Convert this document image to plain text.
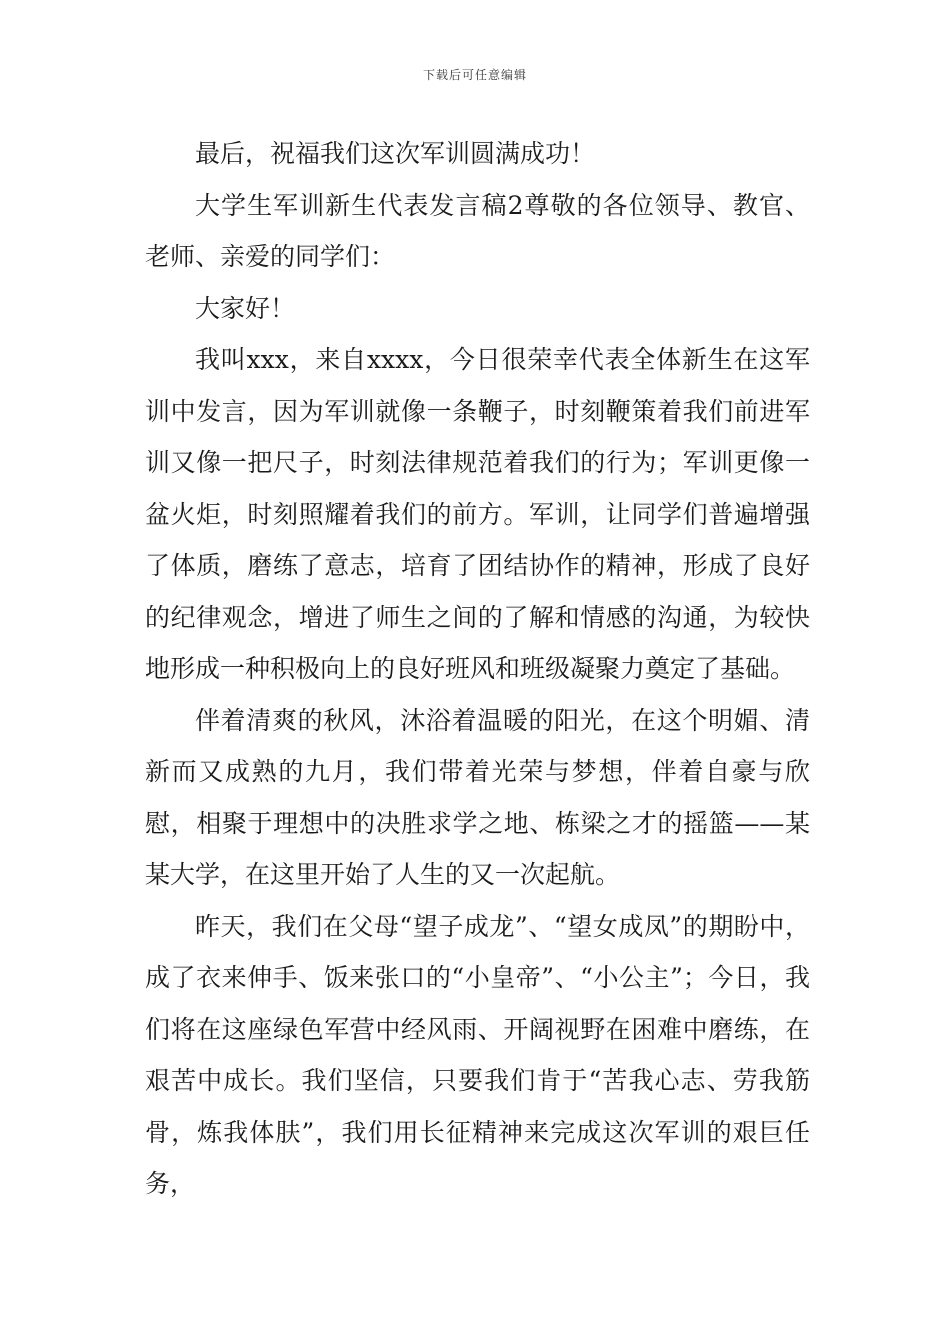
下载后可任意编辑

最后，祝福我们这次军训圆满成功！

大学生军训新生代表发言稿2尊敬的各位领导、教官、老师、亲爱的同学们：

大家好！

我叫xxx，来自xxxx，今日很荣幸代表全体新生在这军训中发言，因为军训就像一条鞭子，时刻鞭策着我们前进军训又像一把尺子，时刻法律规范着我们的行为；军训更像一盆火炬，时刻照耀着我们的前方。军训，让同学们普遍增强了体质，磨练了意志，培育了团结协作的精神，形成了良好的纪律观念，增进了师生之间的了解和情感的沟通，为较快地形成一种积极向上的良好班风和班级凝聚力奠定了基础。

伴着清爽的秋风，沐浴着温暖的阳光，在这个明媚、清新而又成熟的九月，我们带着光荣与梦想，伴着自豪与欣慰，相聚于理想中的决胜求学之地、栋梁之才的摇篮——某某大学，在这里开始了人生的又一次起航。

昨天，我们在父母“望子成龙”、“望女成凤”的期盼中，成了衣来伸手、饭来张口的“小皇帝”、“小公主”；今日，我们将在这座绿色军营中经风雨、开阔视野在困难中磨练，在艰苦中成长。我们坚信，只要我们肯于“苦我心志、劳我筋骨，炼我体肤”，我们用长征精神来完成这次军训的艰巨任务，
